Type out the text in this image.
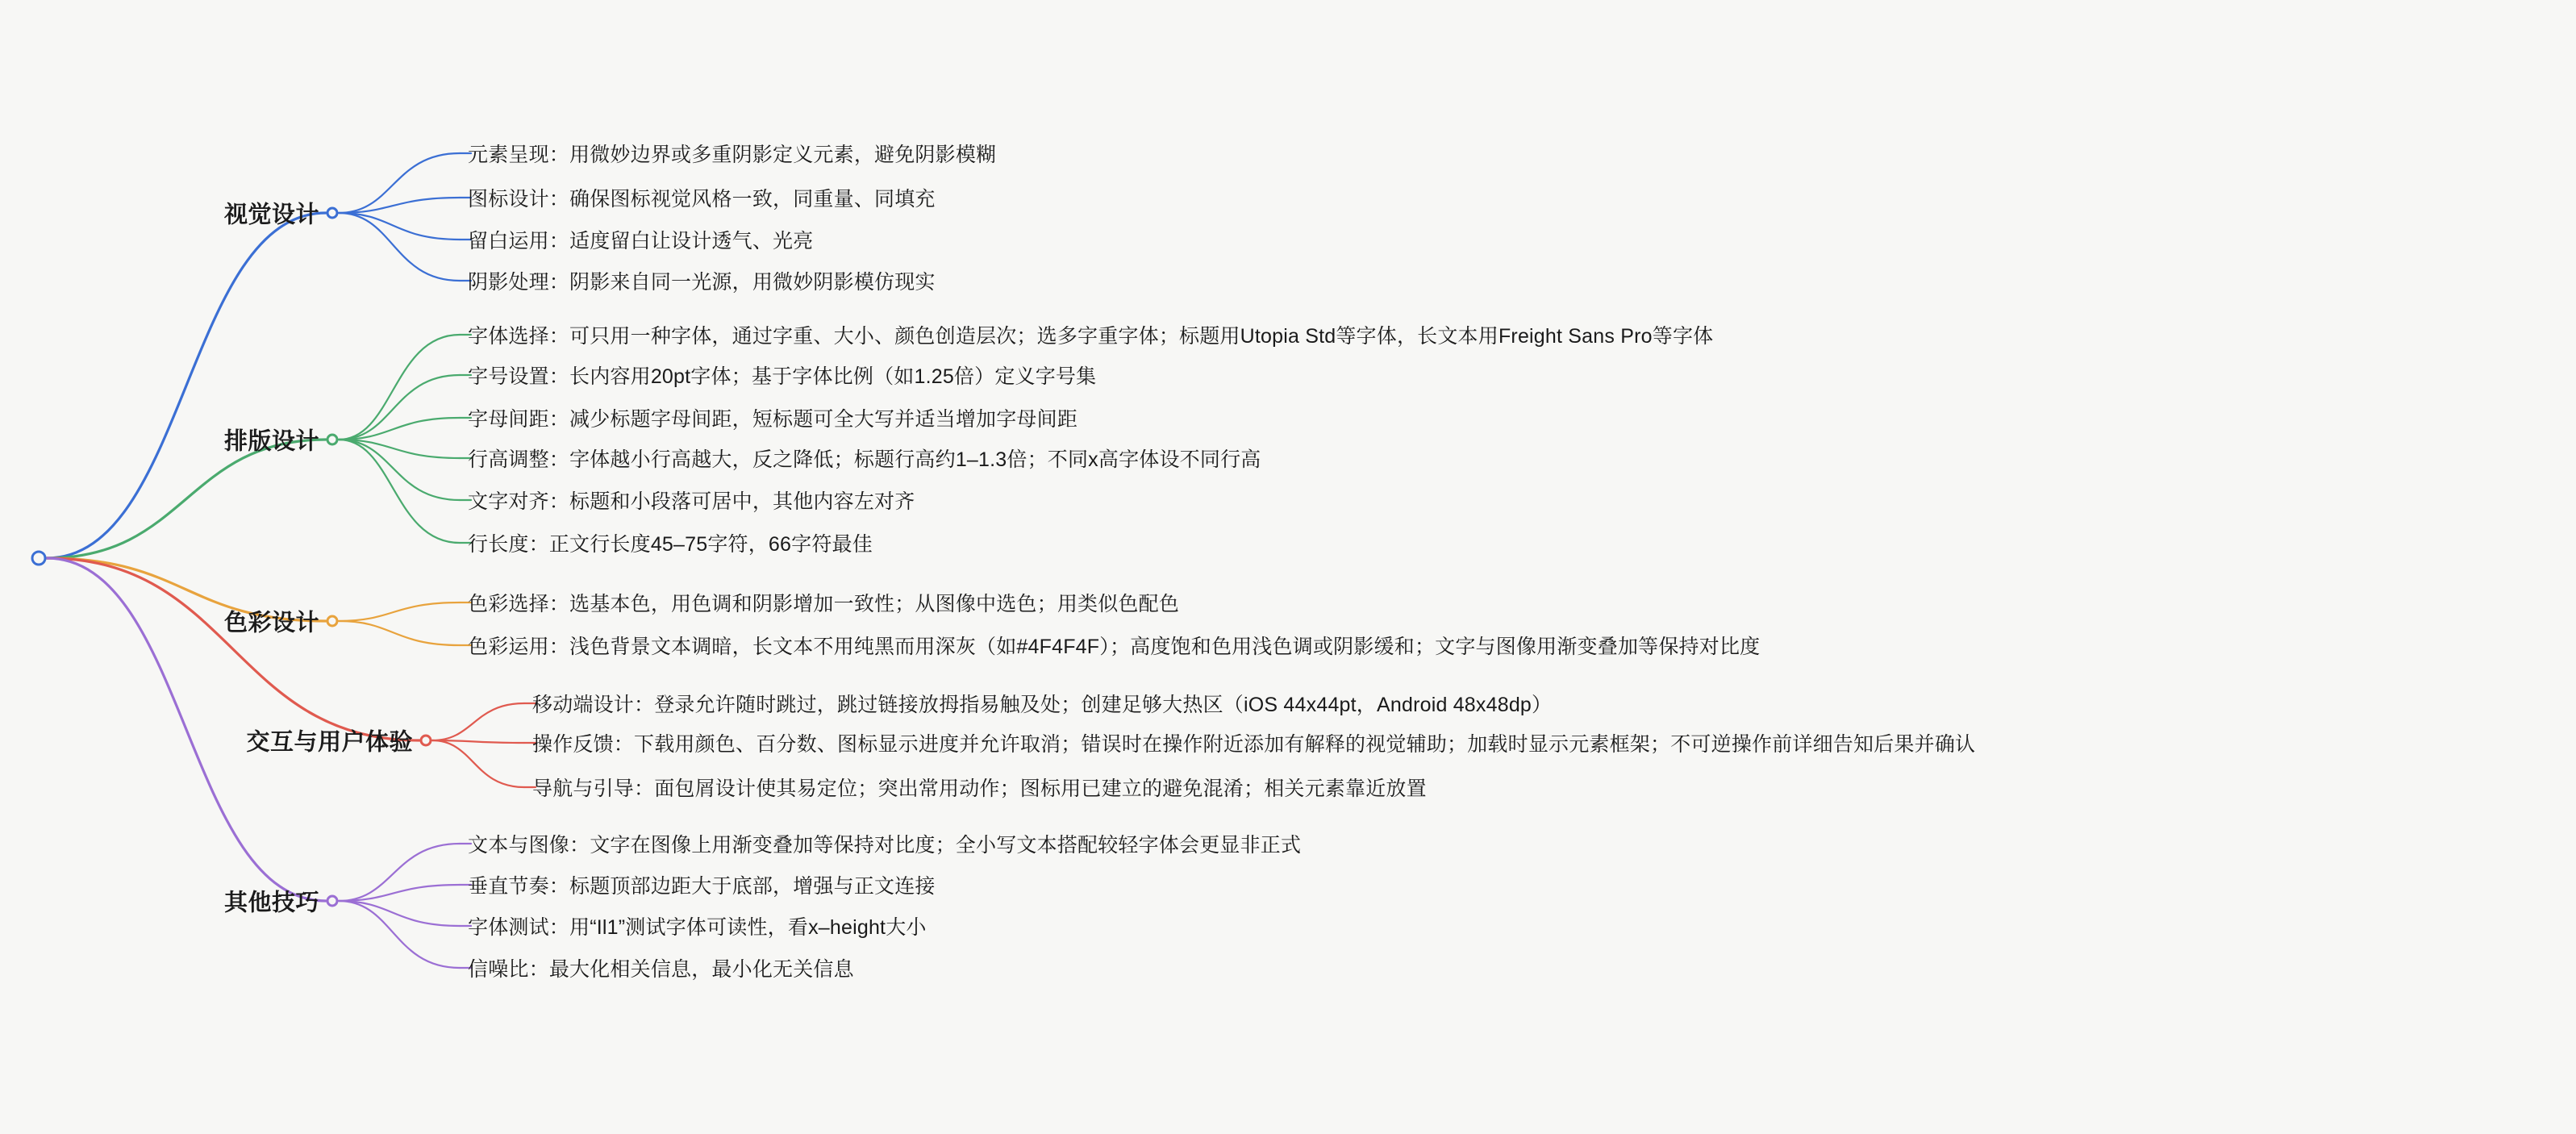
视觉设计
元素呈现：用微妙边界或多重阴影定义元素，避免阴影模糊
图标设计：确保图标视觉风格一致，同重量、同填充
留白运用：适度留白让设计透气、光亮
阴影处理：阴影来自同一光源，用微妙阴影模仿现实
排版设计
字体选择：可只用一种字体，通过字重、大小、颜色创造层次；选多字重字体；标题用Utopia Std等字体，长文本用Freight Sans Pro等字体
字号设置：长内容用20pt字体；基于字体比例（如1.25倍）定义字号集
字母间距：减少标题字母间距，短标题可全大写并适当增加字母间距
行高调整：字体越小行高越大，反之降低；标题行高约1–1.3倍；不同x高字体设不同行高
文字对齐：标题和小段落可居中，其他内容左对齐
行长度：正文行长度45–75字符，66字符最佳
色彩设计
色彩选择：选基本色，用色调和阴影增加一致性；从图像中选色；用类似色配色
色彩运用：浅色背景文本调暗，长文本不用纯黑而用深灰（如#4F4F4F）；高度饱和色用浅色调或阴影缓和；文字与图像用渐变叠加等保持对比度
交互与用户体验
移动端设计：登录允许随时跳过，跳过链接放拇指易触及处；创建足够大热区（iOS 44x44pt，Android 48x48dp）
操作反馈：下载用颜色、百分数、图标显示进度并允许取消；错误时在操作附近添加有解释的视觉辅助；加载时显示元素框架；不可逆操作前详细告知后果并确认
导航与引导：面包屑设计使其易定位；突出常用动作；图标用已建立的避免混淆；相关元素靠近放置
其他技巧
文本与图像：文字在图像上用渐变叠加等保持对比度；全小写文本搭配较轻字体会更显非正式
垂直节奏：标题顶部边距大于底部，增强与正文连接
字体测试：用“Il1”测试字体可读性，看x–height大小
信噪比：最大化相关信息，最小化无关信息
